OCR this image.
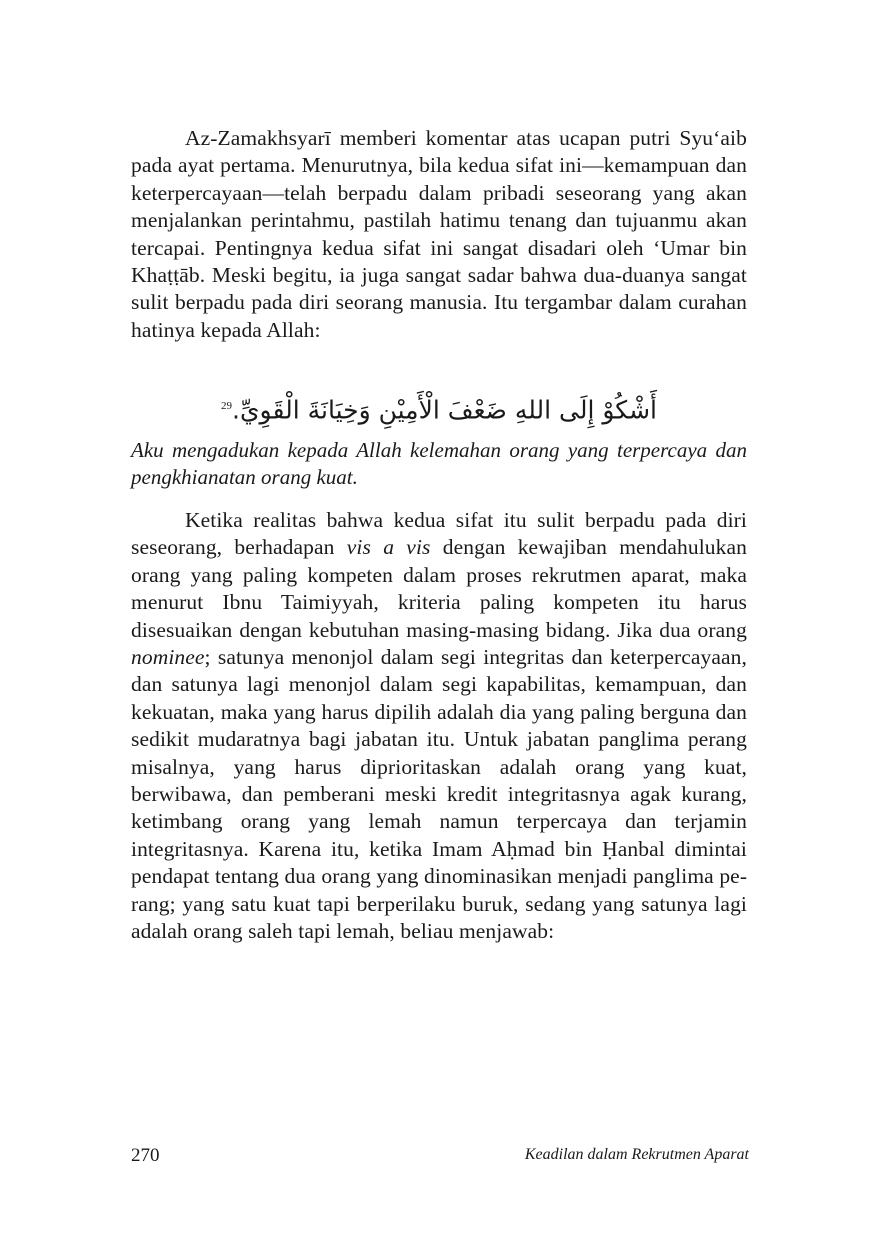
Az-Zamakhsyarī memberi komentar atas ucapan putri Syu‘aib pada ayat pertama. Menurutnya, bila kedua sifat ini—kemampuan dan keterpercayaan—telah berpadu dalam pribadi seseorang yang akan menjalankan perintahmu, pastilah hatimu tenang dan tujuanmu akan tercapai. Pentingnya kedua sifat ini sangat disadari oleh ‘Umar bin Khaṭṭāb. Meski begitu, ia juga sangat sadar bahwa dua-duanya sangat sulit berpadu pada diri seorang manusia. Itu tergambar dalam curahan hatinya kepada Allah:
أَشْكُوْ إِلَى اللهِ ضَعْفَ الْأَمِيْنِ وَخِيَانَةَ الْقَوِيِّ.$^{29}$
Aku mengadukan kepada Allah kelemahan orang yang terpercaya dan pengkhianatan orang kuat.
Ketika realitas bahwa kedua sifat itu sulit berpadu pada diri seseorang, berhadapan vis a vis dengan kewajiban mendahulukan orang yang paling kompeten dalam proses rekrutmen aparat, maka menurut Ibnu Taimiyyah, kriteria paling kompeten itu harus disesuaikan dengan kebutuhan masing-masing bidang. Jika dua orang nominee; satunya menonjol dalam segi integritas dan keterpercayaan, dan satunya lagi menonjol dalam segi kapabilitas, kemampuan, dan kekuatan, maka yang harus dipilih adalah dia yang paling berguna dan sedikit mudaratnya bagi jabatan itu. Untuk jabatan panglima perang misalnya, yang harus diprioritaskan adalah orang yang kuat, berwibawa, dan pemberani meski kredit integritasnya agak kurang, ketimbang orang yang lemah namun terpercaya dan terjamin integritasnya. Karena itu, ketika Imam Aḥmad bin Ḥanbal dimintai pendapat tentang dua orang yang dinominasikan menjadi panglima perang; yang satu kuat tapi berperilaku buruk, sedang yang satunya lagi adalah orang saleh tapi lemah, beliau menjawab:
270	Keadilan dalam Rekrutmen Aparat
